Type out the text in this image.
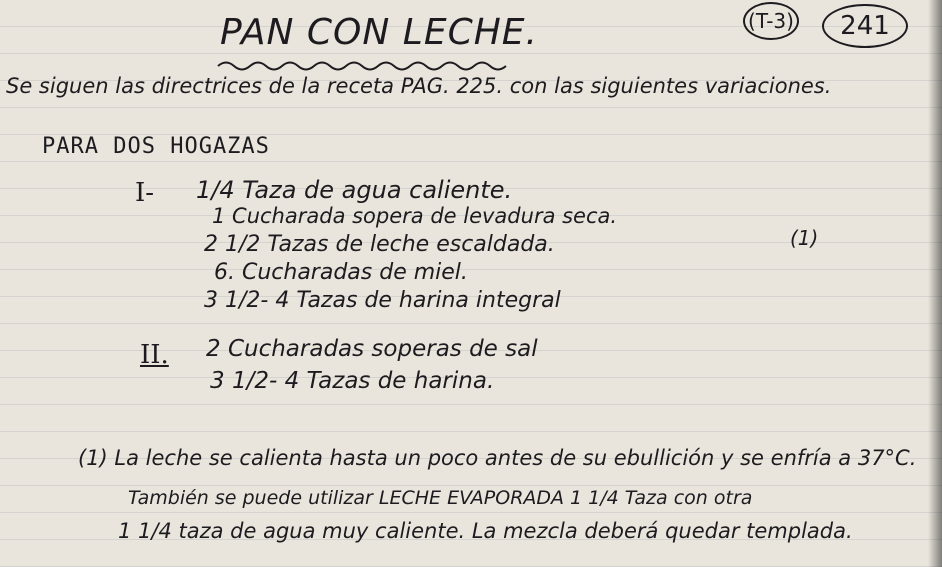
PAN CON LECHE.	(T-3)	241
Se siguen las directrices de la receta PAG. 225. con las siguientes variaciones.
PARA DOS HOGAZAS
I- 1/4 Taza de agua caliente.
1 Cucharada sopera de levadura seca.
2 1/2 Tazas de leche escaldada.
6. Cucharadas de miel.
3 1/2- 4 Tazas de harina integral
(1)
II. 2 Cucharadas soperas de sal
3 1/2- 4 Tazas de harina.
(1) La leche se calienta hasta un poco antes de su ebullición y se enfría a 37°C.
También se puede utilizar LECHE EVAPORADA 1 1/4 Taza con otra
1 1/4 taza de agua muy caliente. La mezcla deberá quedar templada.
